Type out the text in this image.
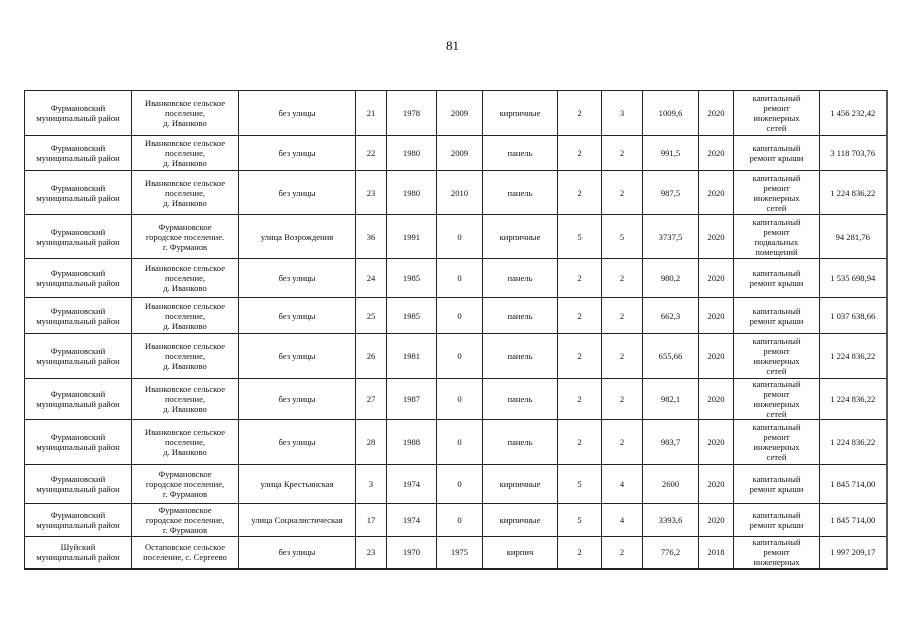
81
Фурмановский
муниципальный район	Иванковское сельское
поселение,
д. Иванково	без улицы	21	1978	2009	кирпичные	2	3	1009,6	2020	капитальный
ремонт
инженерных
сетей	1 456 232,42
Фурмановский
муниципальный район	Иванковское сельское
поселение,
д. Иванково	без улицы	22	1980	2009	панель	2	2	991,5	2020	капитальный
ремонт крыши	3 118 703,76
Фурмановский
муниципальный район	Иванковское сельское
поселение,
д. Иванково	без улицы	23	1980	2010	панель	2	2	987,5	2020	капитальный
ремонт
инженерных
сетей	1 224 836,22
Фурмановский
муниципальный район	Фурмановское
городское поселение.
г. Фурманов	улица Возрождения	36	1991	0	кирпичные	5	5	3737,5	2020	капитальный
ремонт
подвальных
помещений	94 281,76
Фурмановский
муниципальный район	Иванковское сельское
поселение,
д. Иванково	без улицы	24	1985	0	панель	2	2	980,2	2020	капитальный
ремонт крыши	1 535 698,94
Фурмановский
муниципальный район	Иванковское сельское
поселение,
д. Иванково	без улицы	25	1985	0	панель	2	2	662,3	2020	капитальный
ремонт крыши	1 037 638,66
Фурмановский
муниципальный район	Иванковское сельское
поселение,
д. Иванково	без улицы	26	1981	0	панель	2	2	655,66	2020	капитальный
ремонт
инженерных
сетей	1 224 836,22
Фурмановский
муниципальный район	Иванковское сельское
поселение,
д. Иванково	без улицы	27	1987	0	панель	2	2	982,1	2020	капитальный
ремонт
инженерных
сетей	1 224 836,22
Фурмановский
муниципальный район	Иванковское сельское
поселение,
д. Иванково	без улицы	28	1988	0	панель	2	2	983,7	2020	капитальный
ремонт
инженерных
сетей	1 224 836,22
Фурмановский
муниципальный район	Фурмановское
городское поселение,
г. Фурманов	улица Крестьянская	3	1974	0	кирпичные	5	4	2600	2020	капитальный
ремонт крыши	1 845 714,00
Фурмановский
муниципальный район	Фурмановское
городское поселение,
г. Фурманов	улица Социалистическая	17	1974	0	кирпичные	5	4	3393,6	2020	капитальный
ремонт крыши	1 845 714,00
Шуйский
муниципальный район	Остаповское сельское
поселение, с. Сергеево	без улицы	23	1970	1975	кирпич	2	2	776,2	2018	капитальный
ремонт
инженерных	1 997 209,17
